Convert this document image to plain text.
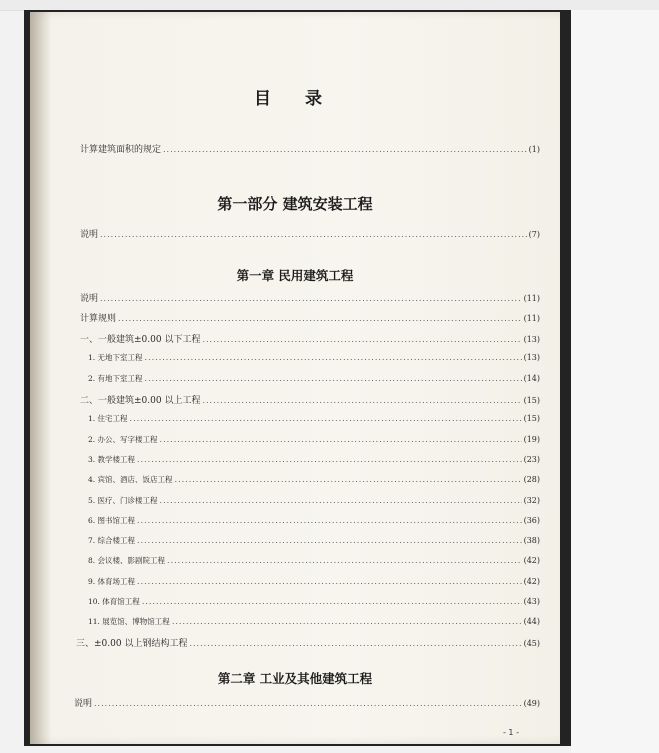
目 录
计算建筑面积的规定 .....	(1)
第一部分 建筑安装工程
说明 .....	(7)
第一章 民用建筑工程
说明 .....	(11)
计算规则 .....	(11)
一、一般建筑±0.00 以下工程 .....	(13)
1. 无地下室工程 .....	(13)
2. 有地下室工程 .....	(14)
二、一般建筑±0.00 以上工程 .....	(15)
1. 住宅工程 .....	(15)
2. 办公、写字楼工程 .....	(19)
3. 教学楼工程 .....	(23)
4. 宾馆、酒店、饭店工程 .....	(28)
5. 医疗、门诊楼工程 .....	(32)
6. 图书馆工程 .....	(36)
7. 综合楼工程 .....	(38)
8. 会议楼、影剧院工程 .....	(42)
9. 体育场工程 .....	(42)
10. 体育馆工程 .....	(43)
11. 展览馆、博物馆工程 .....	(44)
三、±0.00 以上钢结构工程 .....	(45)
第二章 工业及其他建筑工程
说明 .....	(49)
- 1 -
